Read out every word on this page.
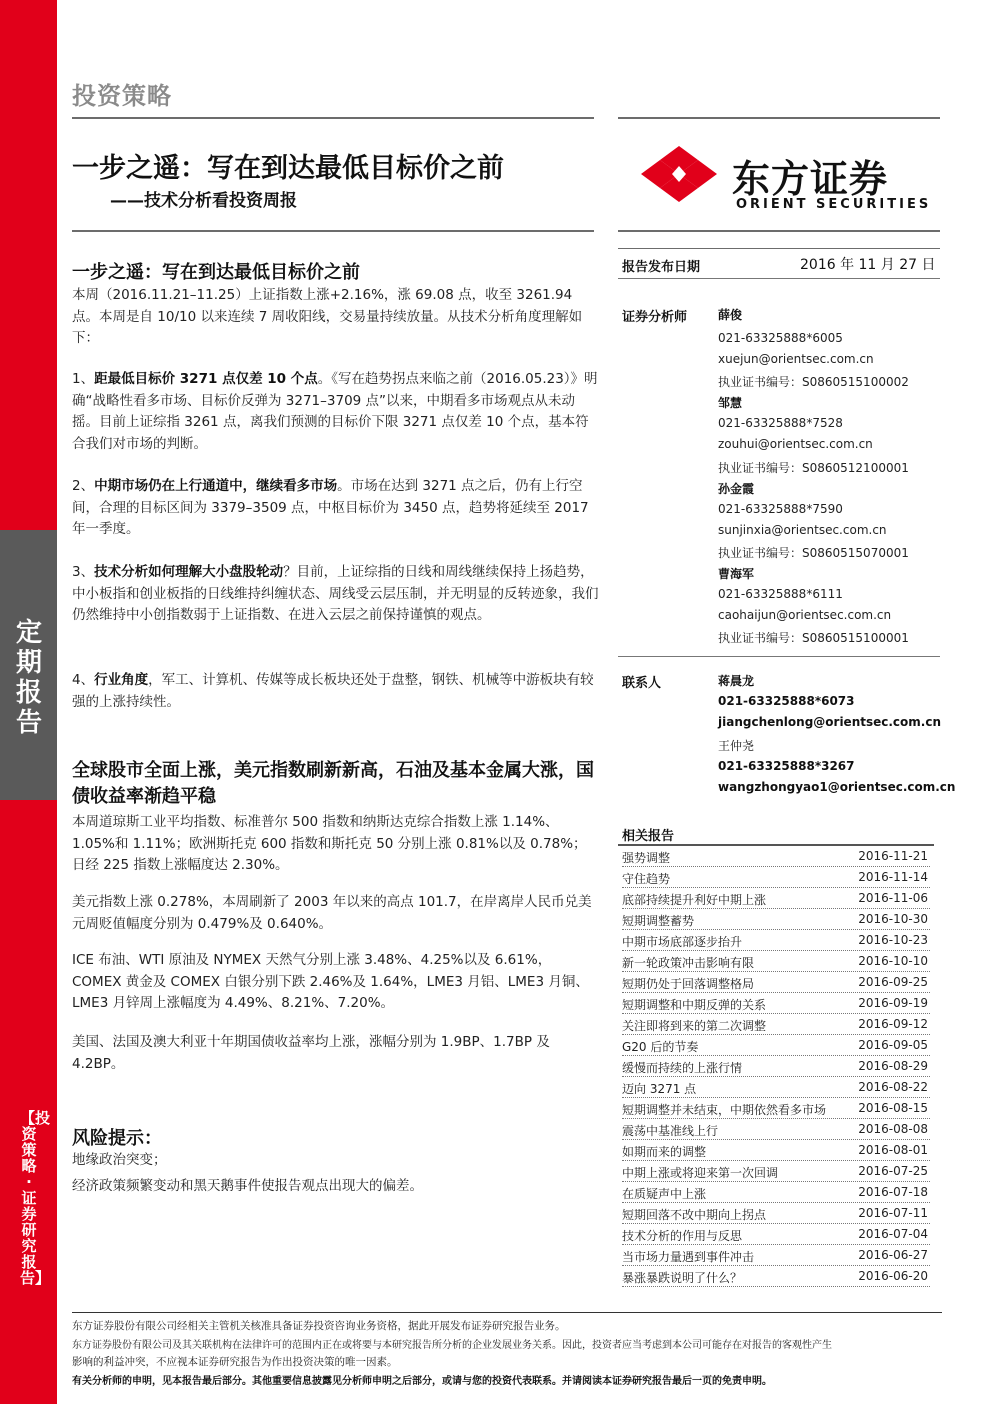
定期报告
【投资策略·证券研究报告】
投资策略
一步之遥：写在到达最低目标价之前
——技术分析看投资周报	东方证券
ORIENT SECURITIES
一步之遥：写在到达最低目标价之前
本周（2016.11.21–11.25）上证指数上涨+2.16%，涨 69.08 点，收至 3261.94 点。本周是自 10/10 以来连续 7 周收阳线，交易量持续放量。从技术分析角度理解如下：
1、距最低目标价 3271 点仅差 10 个点。《写在趋势拐点来临之前（2016.05.23）》明确“战略性看多市场、目标价反弹为 3271–3709 点”以来，中期看多市场观点从未动摇。目前上证综指 3261 点，离我们预测的目标价下限 3271 点仅差 10 个点，基本符合我们对市场的判断。
2、中期市场仍在上行通道中，继续看多市场。市场在达到 3271 点之后，仍有上行空间，合理的目标区间为 3379–3509 点，中枢目标价为 3450 点，趋势将延续至 2017 年一季度。
3、技术分析如何理解大小盘股轮动？目前，上证综指的日线和周线继续保持上扬趋势，中小板指和创业板指的日线维持纠缠状态、周线受云层压制，并无明显的反转迹象，我们仍然维持中小创指数弱于上证指数、在进入云层之前保持谨慎的观点。
4、行业角度，军工、计算机、传媒等成长板块还处于盘整，钢铁、机械等中游板块有较强的上涨持续性。
全球股市全面上涨，美元指数刷新新高，石油及基本金属大涨，国债收益率渐趋平稳
本周道琼斯工业平均指数、标准普尔 500 指数和纳斯达克综合指数上涨 1.14%、1.05%和 1.11%；欧洲斯托克 600 指数和斯托克 50 分别上涨 0.81%以及 0.78%；日经 225 指数上涨幅度达 2.30%。
美元指数上涨 0.278%，本周刷新了 2003 年以来的高点 101.7，在岸离岸人民币兑美元周贬值幅度分别为 0.479%及 0.640%。
ICE 布油、WTI 原油及 NYMEX 天然气分别上涨 3.48%、4.25%以及 6.61%，COMEX 黄金及 COMEX 白银分别下跌 2.46%及 1.64%，LME3 月铝、LME3 月铜、LME3 月锌周上涨幅度为 4.49%、8.21%、7.20%。
美国、法国及澳大利亚十年期国债收益率均上涨，涨幅分别为 1.9BP、1.7BP 及 4.2BP。
风险提示：
地缘政治突变；
经济政策频繁变动和黑天鹅事件使报告观点出现大的偏差。
报告发布日期	2016 年 11 月 27 日
证券分析师	薛俊
021-63325888*6005
xuejun@orientsec.com.cn
执业证书编号：S0860515100002
邹慧
021-63325888*7528
zouhui@orientsec.com.cn
执业证书编号：S0860512100001
孙金霞
021-63325888*7590
sunjinxia@orientsec.com.cn
执业证书编号：S0860515070001
曹海军
021-63325888*6111
caohaijun@orientsec.com.cn
执业证书编号：S0860515100001
联系人	蒋晨龙
021-63325888*6073
jiangchenlong@orientsec.com.cn
王仲尧
021-63325888*3267
wangzhongyao1@orientsec.com.cn
相关报告
强势调整	2016-11-21
守住趋势	2016-11-14
底部持续提升利好中期上涨	2016-11-06
短期调整蓄势	2016-10-30
中期市场底部逐步抬升	2016-10-23
新一轮政策冲击影响有限	2016-10-10
短期仍处于回落调整格局	2016-09-25
短期调整和中期反弹的关系	2016-09-19
关注即将到来的第二次调整	2016-09-12
G20 后的节奏	2016-09-05
缓慢而持续的上涨行情	2016-08-29
迈向 3271 点	2016-08-22
短期调整并未结束，中期依然看多市场	2016-08-15
震荡中基准线上行	2016-08-08
如期而来的调整	2016-08-01
中期上涨或将迎来第一次回调	2016-07-25
在质疑声中上涨	2016-07-18
短期回落不改中期向上拐点	2016-07-11
技术分析的作用与反思	2016-07-04
当市场力量遇到事件冲击	2016-06-27
暴涨暴跌说明了什么？	2016-06-20
东方证券股份有限公司经相关主管机关核准具备证券投资咨询业务资格，据此开展发布证券研究报告业务。
东方证券股份有限公司及其关联机构在法律许可的范围内正在或将要与本研究报告所分析的企业发展业务关系。因此，投资者应当考虑到本公司可能存在对报告的客观性产生
影响的利益冲突，不应视本证券研究报告为作出投资决策的唯一因素。
有关分析师的申明，见本报告最后部分。其他重要信息披露见分析师申明之后部分，或请与您的投资代表联系。并请阅读本证券研究报告最后一页的免责申明。
